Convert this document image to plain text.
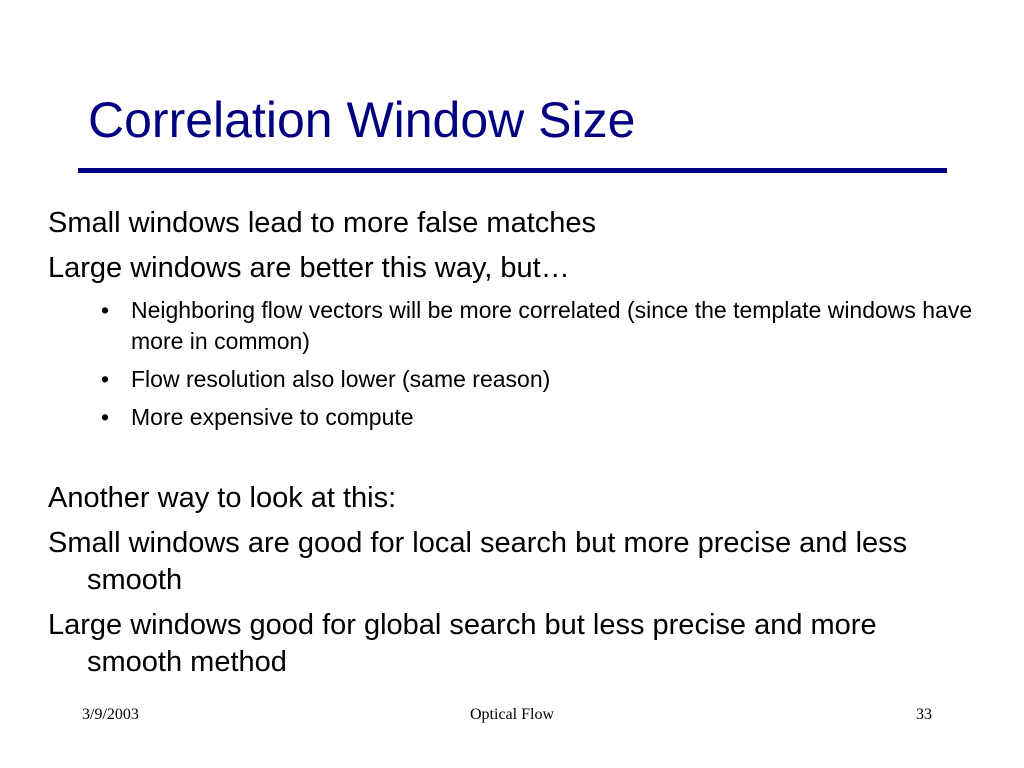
Correlation Window Size

Small windows lead to more false matches

Large windows are better this way, but…

• Neighboring flow vectors will be more correlated (since the template windows have more in common)
• Flow resolution also lower (same reason)
• More expensive to compute

Another way to look at this:

Small windows are good for local search but more precise and less smooth

Large windows good for global search but less precise and more smooth method

3/9/2003	Optical Flow	33
